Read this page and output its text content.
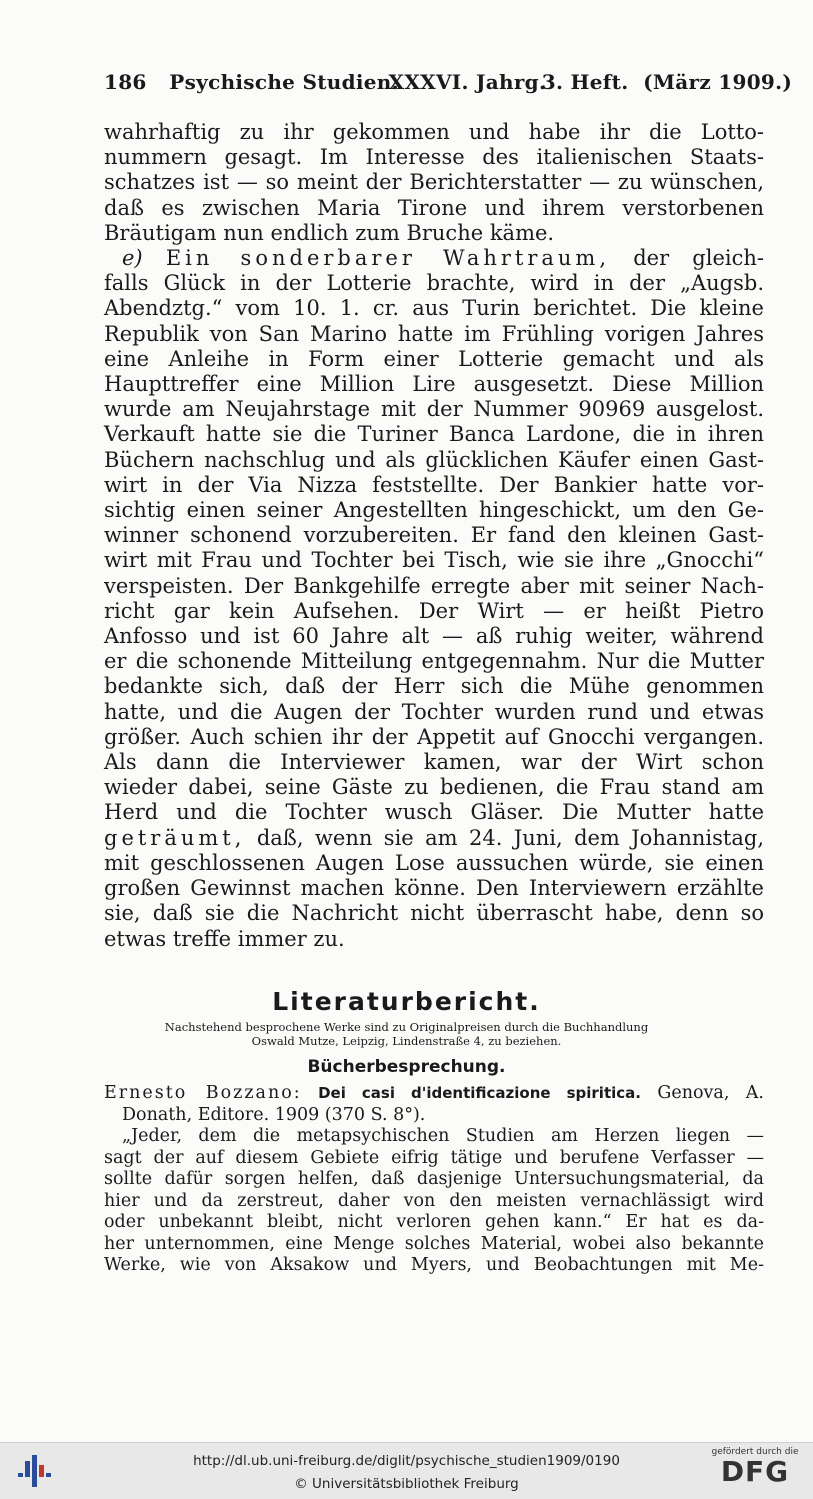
186 Psychische Studien. XXXVI. Jahrg. 3. Heft. (März 1909.)
wahrhaftig zu ihr gekommen und habe ihr die Lotto-
nummern gesagt. Im Interesse des italienischen Staats-
schatzes ist — so meint der Berichterstatter — zu wünschen,
daß es zwischen Maria Tirone und ihrem verstorbenen
Bräutigam nun endlich zum Bruche käme.
e) Ein sonderbarer Wahrtraum, der gleich-
falls Glück in der Lotterie brachte, wird in der „Augsb.
Abendztg.“ vom 10. 1. cr. aus Turin berichtet. Die kleine
Republik von San Marino hatte im Frühling vorigen Jahres
eine Anleihe in Form einer Lotterie gemacht und als
Haupttreffer eine Million Lire ausgesetzt. Diese Million
wurde am Neujahrstage mit der Nummer 90969 ausgelost.
Verkauft hatte sie die Turiner Banca Lardone, die in ihren
Büchern nachschlug und als glücklichen Käufer einen Gast-
wirt in der Via Nizza feststellte. Der Bankier hatte vor-
sichtig einen seiner Angestellten hingeschickt, um den Ge-
winner schonend vorzubereiten. Er fand den kleinen Gast-
wirt mit Frau und Tochter bei Tisch, wie sie ihre „Gnocchi“
verspeisten. Der Bankgehilfe erregte aber mit seiner Nach-
richt gar kein Aufsehen. Der Wirt — er heißt Pietro
Anfosso und ist 60 Jahre alt — aß ruhig weiter, während
er die schonende Mitteilung entgegennahm. Nur die Mutter
bedankte sich, daß der Herr sich die Mühe genommen
hatte, und die Augen der Tochter wurden rund und etwas
größer. Auch schien ihr der Appetit auf Gnocchi vergangen.
Als dann die Interviewer kamen, war der Wirt schon
wieder dabei, seine Gäste zu bedienen, die Frau stand am
Herd und die Tochter wusch Gläser. Die Mutter hatte
geträumt, daß, wenn sie am 24. Juni, dem Johannistag,
mit geschlossenen Augen Lose aussuchen würde, sie einen
großen Gewinnst machen könne. Den Interviewern erzählte
sie, daß sie die Nachricht nicht überrascht habe, denn so
etwas treffe immer zu.
Literaturbericht.
Nachstehend besprochene Werke sind zu Originalpreisen durch die Buchhandlung
Oswald Mutze, Leipzig, Lindenstraße 4, zu beziehen.
Bücherbesprechung.
Ernesto Bozzano: Dei casi d'identificazione spiritica. Genova, A.
Donath, Editore. 1909 (370 S. 8°).
„Jeder, dem die metapsychischen Studien am Herzen liegen —
sagt der auf diesem Gebiete eifrig tätige und berufene Verfasser —
sollte dafür sorgen helfen, daß dasjenige Untersuchungsmaterial, da
hier und da zerstreut, daher von den meisten vernachlässigt wird
oder unbekannt bleibt, nicht verloren gehen kann.“ Er hat es da-
her unternommen, eine Menge solches Material, wobei also bekannte
Werke, wie von Aksakow und Myers, und Beobachtungen mit Me-
http://dl.ub.uni-freiburg.de/diglit/psychische_studien1909/0190
© Universitätsbibliothek Freiburg
gefördert durch die
DFG
